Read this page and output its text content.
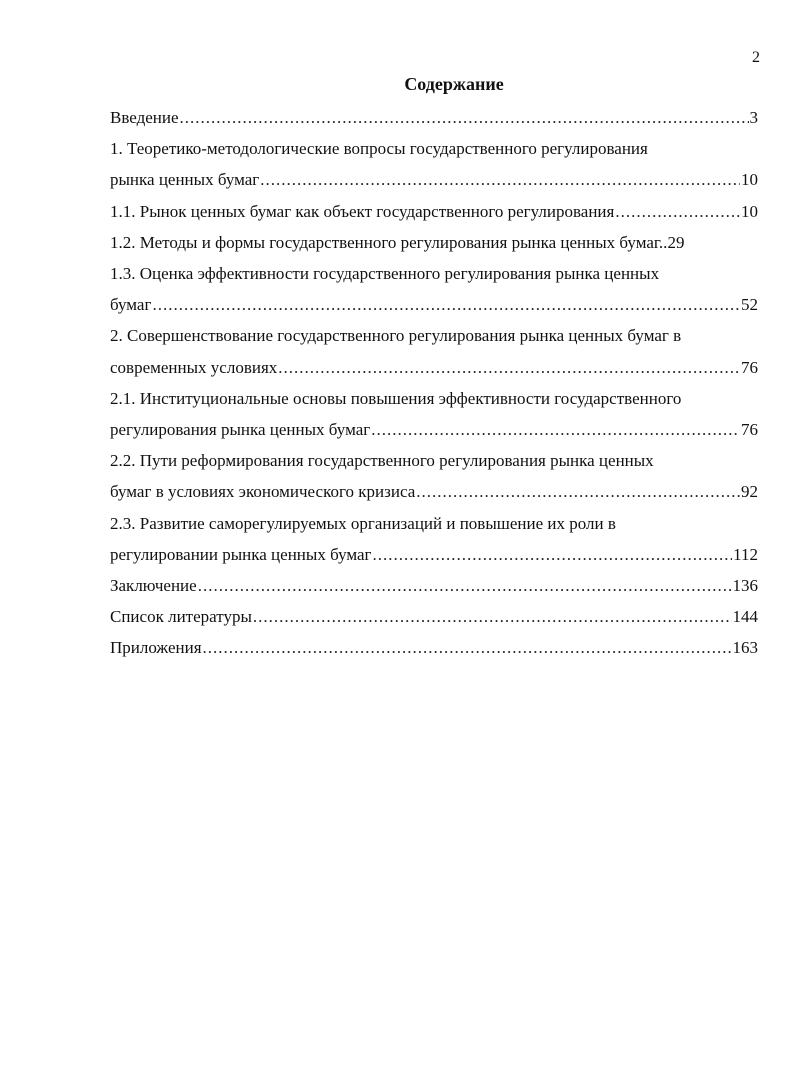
2
Содержание
Введение .....	3
1. Теоретико-методологические вопросы государственного регулирования
рынка ценных бумаг .....	10
1.1. Рынок ценных бумаг как объект государственного регулирования .....	10
1.2. Методы и формы государственного регулирования рынка ценных бумаг.. 29
1.3. Оценка эффективности государственного регулирования рынка ценных
бумаг .....	52
2. Совершенствование государственного регулирования рынка ценных бумаг в
современных условиях .....	76
2.1. Институциональные основы повышения эффективности государственного
регулирования рынка ценных бумаг .....	76
2.2. Пути реформирования государственного регулирования рынка ценных
бумаг в условиях экономического кризиса .....	92
2.3. Развитие саморегулируемых организаций и повышение их роли в
регулировании рынка ценных бумаг .....	112
Заключение .....	136
Список литературы .....	144
Приложения .....	163
